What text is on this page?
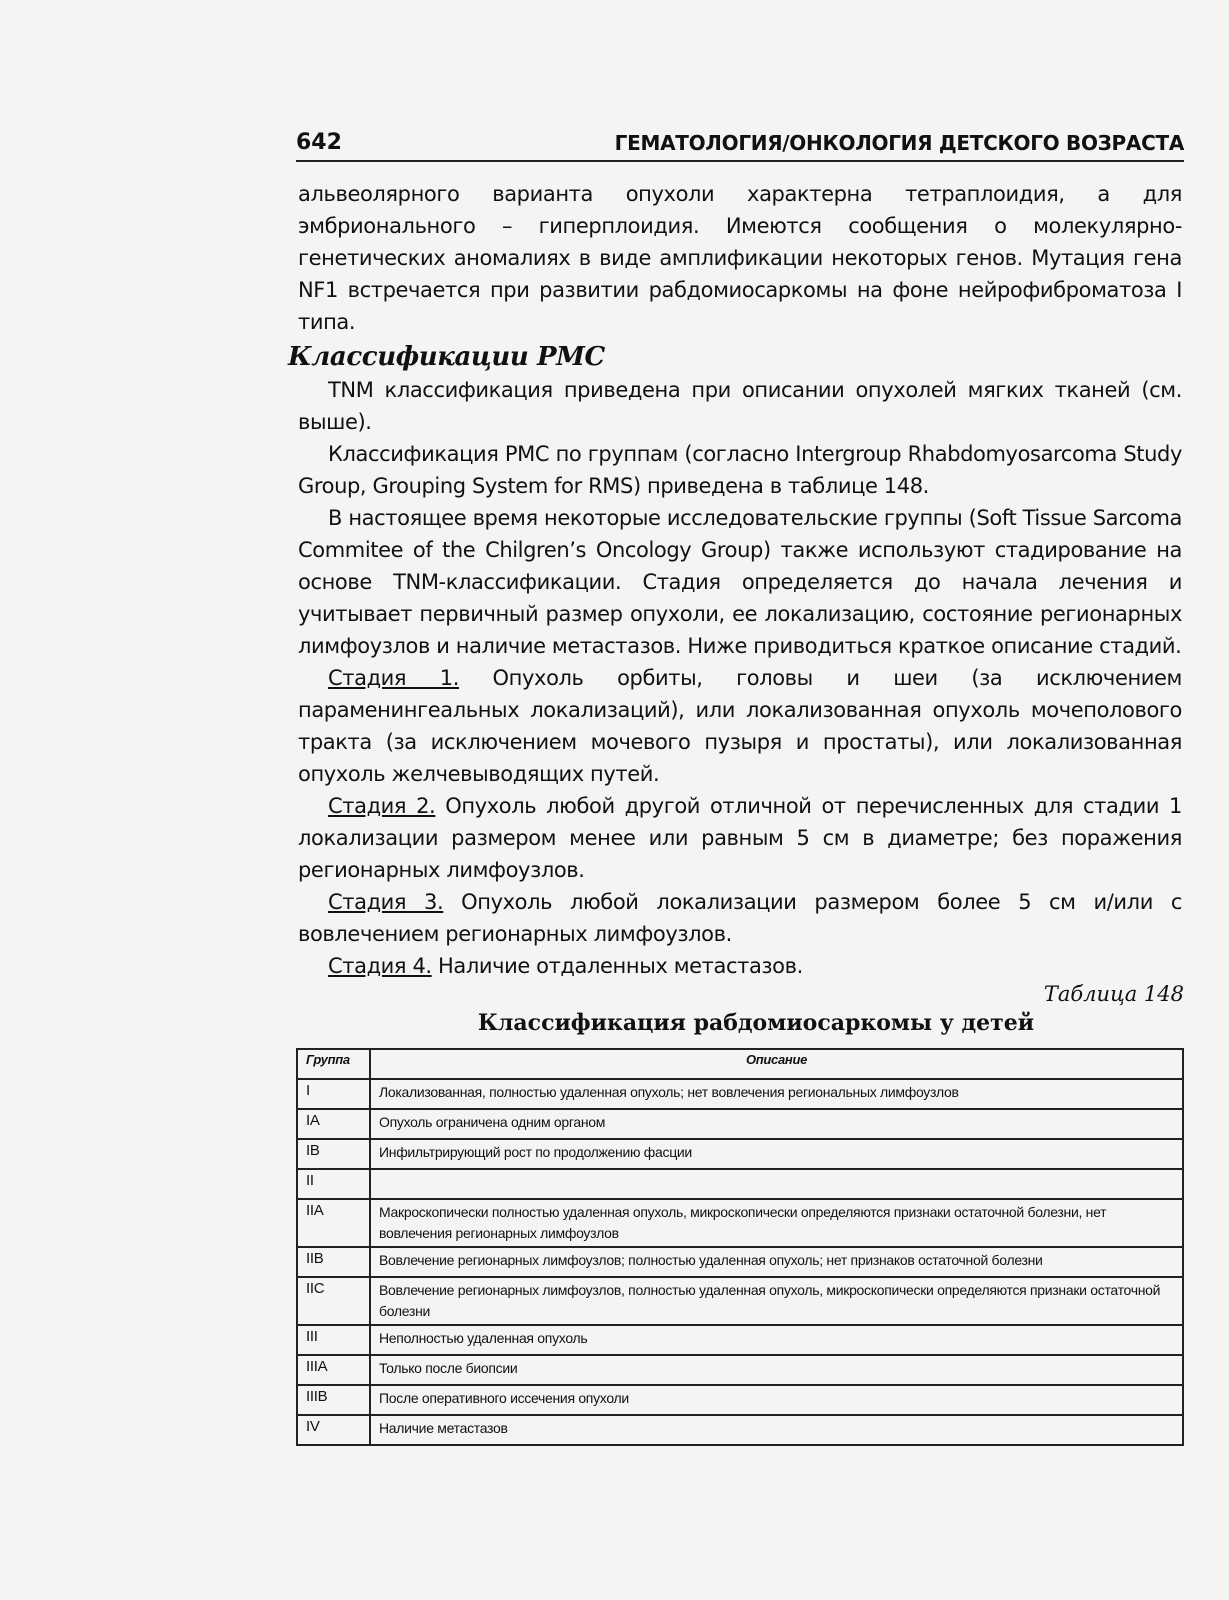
642	ГЕМАТОЛОГИЯ/ОНКОЛОГИЯ ДЕТСКОГО ВОЗРАСТА

альвеолярного варианта опухоли характерна тетраплоидия, а для эмбрионального – гиперплоидия. Имеются сообщения о молекулярно-генетических аномалиях в виде амплификации некоторых генов. Мутация гена NF1 встречается при развитии рабдомиосаркомы на фоне нейрофиброматоза I типа.

Классификации РМС

TNM классификация приведена при описании опухолей мягких тканей (см. выше).

Классификация РМС по группам (согласно Intergroup Rhabdomyosarcoma Study Group, Grouping System for RMS) приведена в таблице 148.

В настоящее время некоторые исследовательские группы (Soft Tissue Sarcoma Commitee of the Chilgren’s Oncology Group) также используют стадирование на основе TNM-классификации. Стадия определяется до начала лечения и учитывает первичный размер опухоли, ее локализацию, состояние регионарных лимфоузлов и наличие метастазов. Ниже приводиться краткое описание стадий.

Стадия 1. Опухоль орбиты, головы и шеи (за исключением параменингеальных локализаций), или локализованная опухоль мочеполового тракта (за исключением мочевого пузыря и простаты), или локализованная опухоль желчевыводящих путей.

Стадия 2. Опухоль любой другой отличной от перечисленных для стадии 1 локализации размером менее или равным 5 см в диаметре; без поражения регионарных лимфоузлов.

Стадия 3. Опухоль любой локализации размером более 5 см и/или с вовлечением регионарных лимфоузлов.

Стадия 4. Наличие отдаленных метастазов.

Таблица 148
Классификация рабдомиосаркомы у детей
Группа	Описание
I	Локализованная, полностью удаленная опухоль; нет вовлечения региональных лимфоузлов
IA	Опухоль ограничена одним органом
IB	Инфильтрирующий рост по продолжению фасции
II	
IIA	Макроскопически полностью удаленная опухоль, микроскопически определяются признаки остаточной болезни, нет вовлечения регионарных лимфоузлов
IIB	Вовлечение регионарных лимфоузлов; полностью удаленная опухоль; нет признаков остаточной болезни
IIC	Вовлечение регионарных лимфоузлов, полностью удаленная опухоль, микроскопически определяются признаки остаточной болезни
III	Неполностью удаленная опухоль
IIIA	Только после биопсии
IIIB	После оперативного иссечения опухоли
IV	Наличие метастазов
